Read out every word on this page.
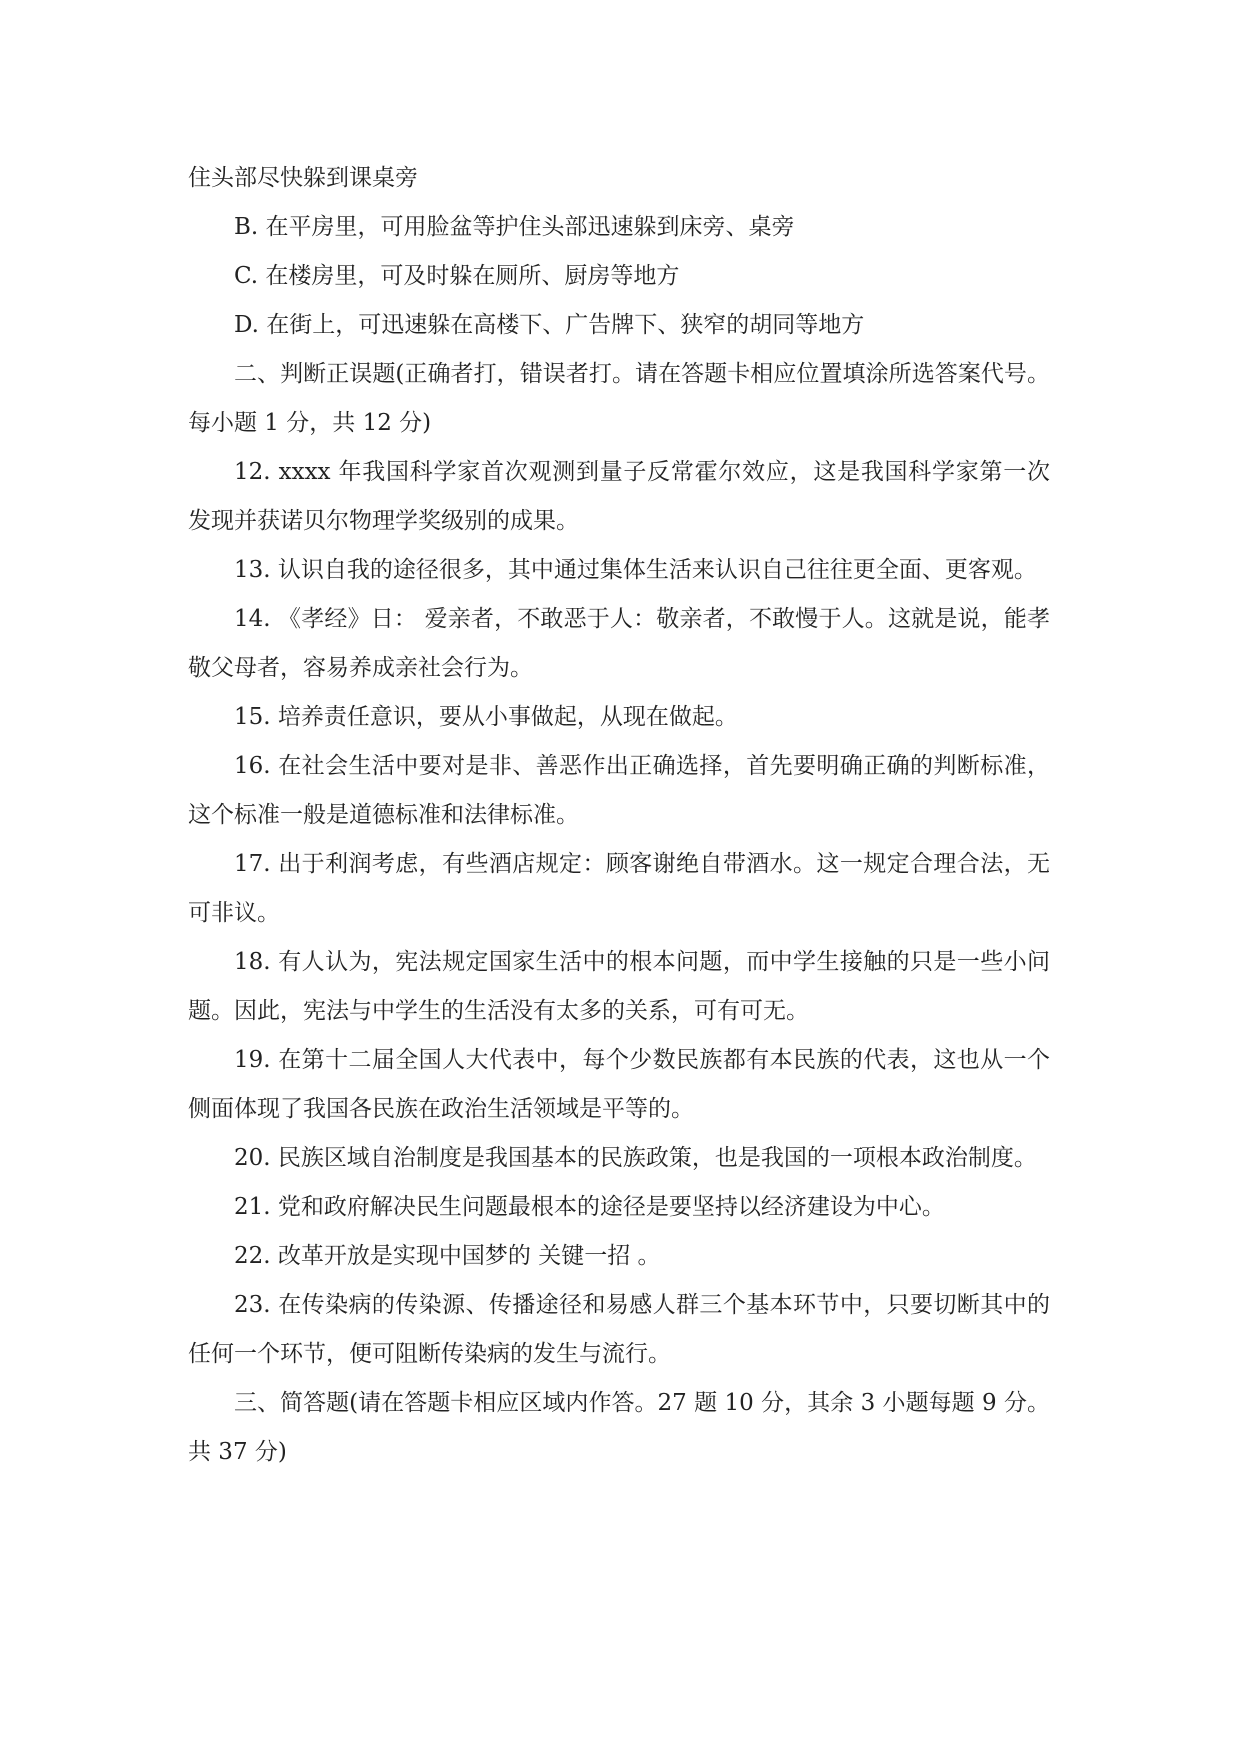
住头部尽快躲到课桌旁

B. 在平房里，可用脸盆等护住头部迅速躲到床旁、桌旁

C. 在楼房里，可及时躲在厕所、厨房等地方

D. 在街上，可迅速躲在高楼下、广告牌下、狭窄的胡同等地方

二、判断正误题(正确者打，错误者打。请在答题卡相应位置填涂所选答案代号。每小题 1 分，共 12 分)

12. xxxx 年我国科学家首次观测到量子反常霍尔效应，这是我国科学家第一次发现并获诺贝尔物理学奖级别的成果。

13. 认识自我的途径很多，其中通过集体生活来认识自己往往更全面、更客观。

14. 《孝经》日： 爱亲者，不敢恶于人：敬亲者，不敢慢于人。这就是说，能孝敬父母者，容易养成亲社会行为。

15. 培养责任意识，要从小事做起，从现在做起。

16. 在社会生活中要对是非、善恶作出正确选择，首先要明确正确的判断标准，这个标准一般是道德标准和法律标准。

17. 出于利润考虑，有些酒店规定：顾客谢绝自带酒水。这一规定合理合法，无可非议。

18. 有人认为，宪法规定国家生活中的根本问题，而中学生接触的只是一些小问题。因此，宪法与中学生的生活没有太多的关系，可有可无。

19. 在第十二届全国人大代表中，每个少数民族都有本民族的代表，这也从一个侧面体现了我国各民族在政治生活领域是平等的。

20. 民族区域自治制度是我国基本的民族政策，也是我国的一项根本政治制度。

21. 党和政府解决民生问题最根本的途径是要坚持以经济建设为中心。

22. 改革开放是实现中国梦的 关键一招 。

23. 在传染病的传染源、传播途径和易感人群三个基本环节中，只要切断其中的任何一个环节，便可阻断传染病的发生与流行。

三、简答题(请在答题卡相应区域内作答。27 题 10 分，其余 3 小题每题 9 分。共 37 分)
